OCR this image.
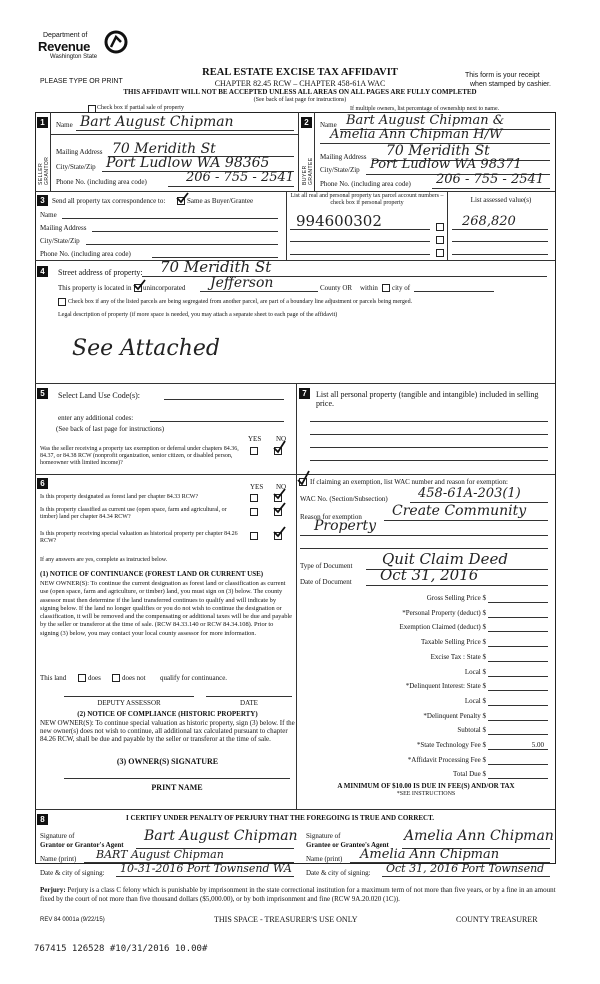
Department of
Revenue
Washington State
PLEASE TYPE OR PRINT
REAL ESTATE EXCISE TAX AFFIDAVIT
CHAPTER 82.45 RCW – CHAPTER 458-61A WAC
THIS AFFIDAVIT WILL NOT BE ACCEPTED UNLESS ALL AREAS ON ALL PAGES ARE FULLY COMPLETED
(See back of last page for instructions)
This form is your receipt
when stamped by cashier.
Check box if partial sale of property	If multiple owners, list percentage of ownership next to name.
1
SELLER GRANTOR
Name Bart August Chipman
Mailing Address 70 Meridith St
City/State/Zip Port Ludlow WA 98365
Phone No. (including area code)	206 - 755 - 2541
2
BUYER GRANTEE
Name Bart August Chipman &
Amelia Ann Chipman H/W
Mailing Address 70 Meridith St
City/State/Zip Port Ludlow WA 98371
Phone No. (including area code) 206 - 755 - 2541
3	Send all property tax correspondence to:	Same as Buyer/Grantee
List all real and personal property tax parcel account numbers – check box if personal property	List assessed value(s)
Name
Mailing Address
City/State/Zip
Phone No. (including area code)
994600302	268,820
4	Street address of property: 70 Meridith St
This property is located in unincorporated Jefferson	County OR within city of
Check box if any of the listed parcels are being segregated from another parcel, are part of a boundary line adjustment or parcels being merged.
Legal description of property (if more space is needed, you may attach a separate sheet to each page of the affidavit)
See Attached
5	Select Land Use Code(s):
enter any additional codes:
(See back of last page for instructions)
YES NO
Was the seller receiving a property tax exemption or deferral under chapters 84.36, 84.37, or 84.38 RCW (nonprofit organization, senior citizen, or disabled person, homeowner with limited income)?
6	YES NO
Is this property designated as forest land per chapter 84.33 RCW?
Is this property classified as current use (open space, farm and agricultural, or timber) land per chapter 84.34 RCW?
Is this property receiving special valuation as historical property per chapter 84.26 RCW?
If any answers are yes, complete as instructed below.
(1) NOTICE OF CONTINUANCE (FOREST LAND OR CURRENT USE)
NEW OWNER(S): To continue the current designation as forest land or classification as current use (open space, farm and agriculture, or timber) land, you must sign on (3) below. The county assessor must then determine if the land transferred continues to qualify and will indicate by signing below. If the land no longer qualifies or you do not wish to continue the designation or classification, it will be removed and the compensating or additional taxes will be due and payable by the seller or transferor at the time of sale. (RCW 84.33.140 or RCW 84.34.108). Prior to signing (3) below, you may contact your local county assessor for more information.
This land	does	does not qualify for continuance.
DEPUTY ASSESSOR	DATE
(2) NOTICE OF COMPLIANCE (HISTORIC PROPERTY)
NEW OWNER(S): To continue special valuation as historic property, sign (3) below. If the new owner(s) does not wish to continue, all additional tax calculated pursuant to chapter 84.26 RCW, shall be due and payable by the seller or transferor at the time of sale.
(3) OWNER(S) SIGNATURE
PRINT NAME
7	List all personal property (tangible and intangible) included in selling price.
If claiming an exemption, list WAC number and reason for exemption:
WAC No. (Section/Subsection) 458-61A-203(1)
Reason for exemption Create Community
Property
Type of Document Quit Claim Deed
Date of Document Oct 31, 2016
Gross Selling Price $
*Personal Property (deduct) $
Exemption Claimed (deduct) $
Taxable Selling Price $
Excise Tax : State $
Local $
*Delinquent Interest: State $
Local $
*Delinquent Penalty $
Subtotal $
*State Technology Fee $	5.00
*Affidavit Processing Fee $
Total Due $
A MINIMUM OF $10.00 IS DUE IN FEE(S) AND/OR TAX
*SEE INSTRUCTIONS
8	I CERTIFY UNDER PENALTY OF PERJURY THAT THE FOREGOING IS TRUE AND CORRECT.
Signature of
Grantor or Grantor's Agent
Bart August Chipman
Name (print) BART August Chipman
Date & city of signing: 10-31-2016 Port Townsend WA
Signature of
Grantee or Grantee's Agent
Amelia Ann Chipman
Name (print) Amelia Ann Chipman
Date & city of signing: Oct 31, 2016 Port Townsend
Perjury: Perjury is a class C felony which is punishable by imprisonment in the state correctional institution for a maximum term of not more than five years, or by a fine in an amount fixed by the court of not more than five thousand dollars ($5,000.00), or by both imprisonment and fine (RCW 9A.20.020 (1C)).
REV 84 0001a (9/22/15)	THIS SPACE - TREASURER'S USE ONLY	COUNTY TREASURER
767415 126528 #10/31/2016 10.00#
